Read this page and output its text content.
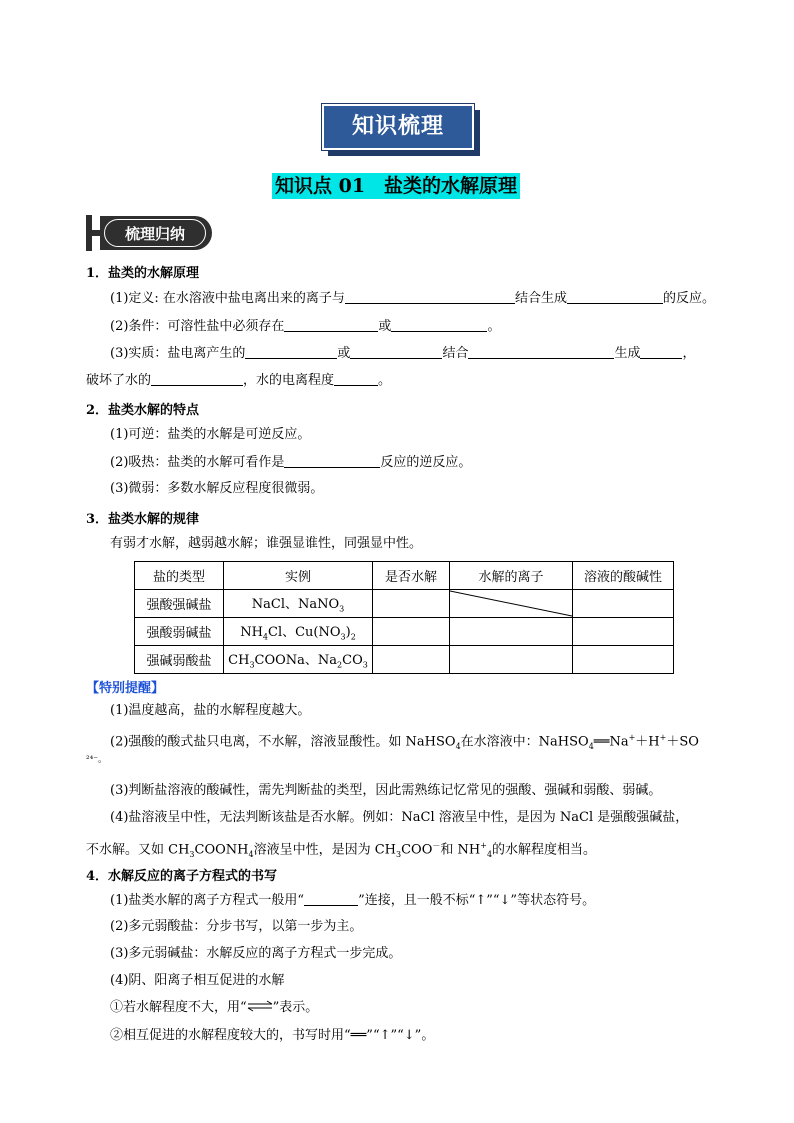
知识梳理
知识点 01　盐类的水解原理
梳理归纳
1．盐类的水解原理
(1)定义: 在水溶液中盐电离出来的离子与	结合生成	的反应。
(2)条件：可溶性盐中必须存在	或	。
(3)实质：盐电离产生的	或	结合	生成	，
破坏了水的	，水的电离程度	。
2．盐类水解的特点
(1)可逆：盐类的水解是可逆反应。
(2)吸热：盐类的水解可看作是	反应的逆反应。
(3)微弱：多数水解反应程度很微弱。
3．盐类水解的规律
有弱才水解，越弱越水解；谁强显谁性，同强显中性。
盐的类型	实例	是否水解	水解的离子	溶液的酸碱性
强酸强碱盐	NaCl、NaNO$_3$		

强酸弱碱盐	$NH_4Cl$、$Cu(NO_3)_2$			
强碱弱酸盐	$CH_3COONa$、$Na_2CO_3$			
【特别提醒】
(1)温度越高，盐的水解程度越大。
(2)强酸的酸式盐只电离，不水解，溶液显酸性。如 NaHSO$_4$在水溶液中：NaHSO$_4$══Na+＋H+＋SO
²⁴⁻。
(3)判断盐溶液的酸碱性，需先判断盐的类型，因此需熟练记忆常见的强酸、强碱和弱酸、弱碱。
(4)盐溶液呈中性，无法判断该盐是否水解。例如：NaCl 溶液呈中性，是因为 NaCl 是强酸强碱盐，
不水解。又如 $CH_3COONH_4$溶液呈中性，是因为 $CH_3COO^-$和 $NH^+_4$的水解程度相当。
4．水解反应的离子方程式的书写
(1)盐类水解的离子方程式一般用“	”连接，且一般不标“↑”“↓”等状态符号。
(2)多元弱酸盐：分步书写，以第一步为主。
(3)多元弱碱盐：水解反应的离子方程式一步完成。
(4)阴、阳离子相互促进的水解
①若水解程度不大，用“⇌”表示。
②相互促进的水解程度较大的，书写时用“══”“↑”“↓”。
